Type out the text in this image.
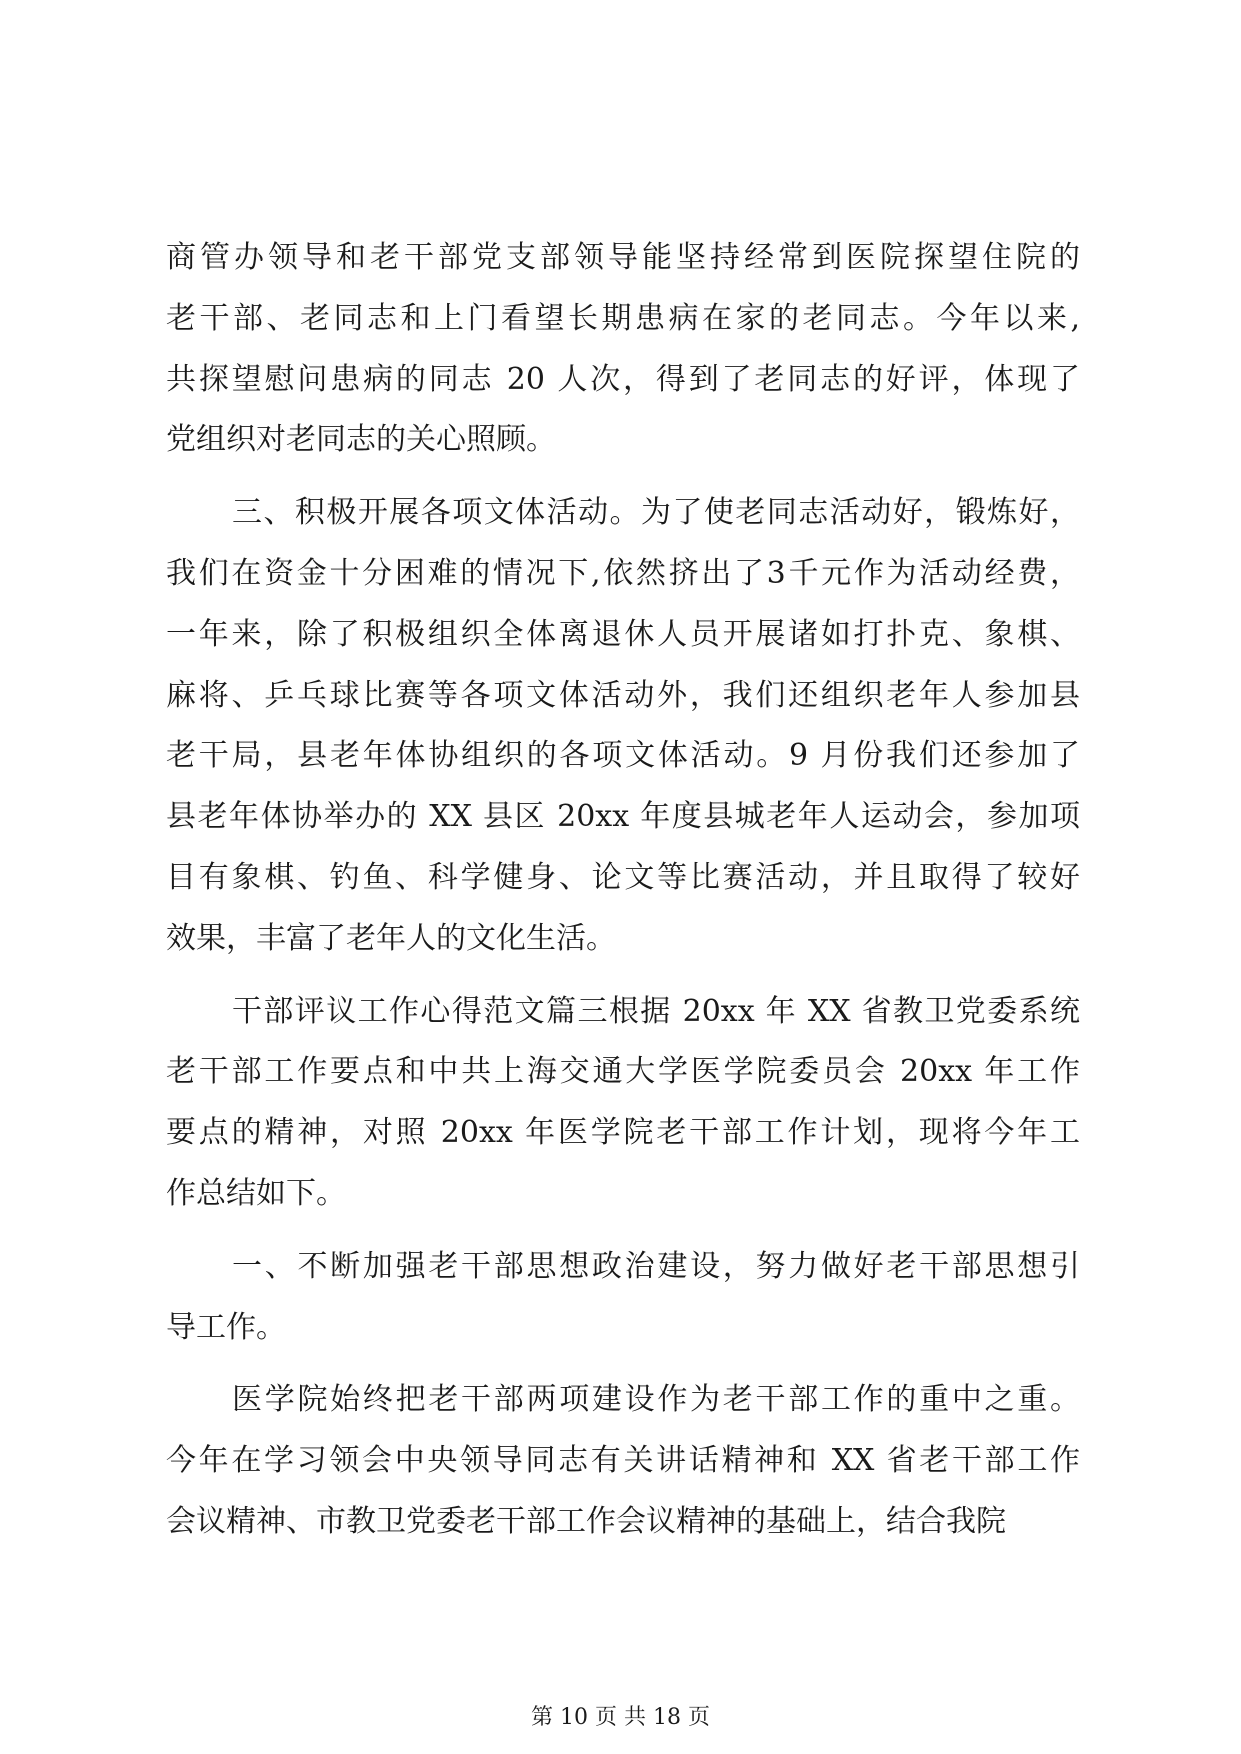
商管办领导和老干部党支部领导能坚持经常到医院探望住院的
老干部、老同志和上门看望长期患病在家的老同志。今年以来,
共探望慰问患病的同志 20 人次，得到了老同志的好评，体现了
党组织对老同志的关心照顾。
三、积极开展各项文体活动。为了使老同志活动好，锻炼好，
我们在资金十分困难的情况下,依然挤出了3千元作为活动经费，
一年来，除了积极组织全体离退休人员开展诸如打扑克、象棋、
麻将、乒乓球比赛等各项文体活动外，我们还组织老年人参加县
老干局，县老年体协组织的各项文体活动。9 月份我们还参加了
县老年体协举办的 XX 县区 20xx 年度县城老年人运动会，参加项
目有象棋、钓鱼、科学健身、论文等比赛活动，并且取得了较好
效果，丰富了老年人的文化生活。
干部评议工作心得范文篇三根据 20xx 年 XX 省教卫党委系统
老干部工作要点和中共上海交通大学医学院委员会 20xx 年工作
要点的精神，对照 20xx 年医学院老干部工作计划，现将今年工
作总结如下。
一、不断加强老干部思想政治建设，努力做好老干部思想引
导工作。
医学院始终把老干部两项建设作为老干部工作的重中之重。
今年在学习领会中央领导同志有关讲话精神和 XX 省老干部工作
会议精神、市教卫党委老干部工作会议精神的基础上，结合我院
第 10 页 共 18 页
